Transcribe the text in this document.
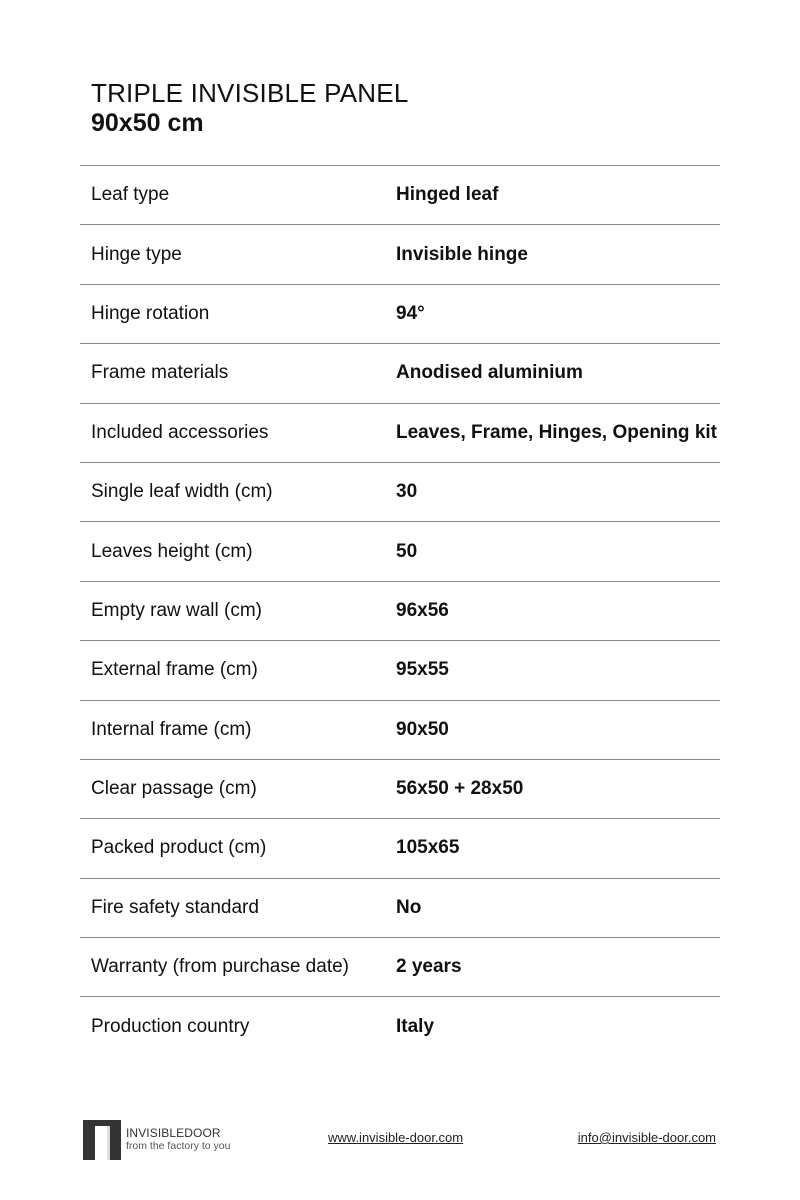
TRIPLE INVISIBLE PANEL
90x50 cm
Leaf type	Hinged leaf
Hinge type	Invisible hinge
Hinge rotation	94°
Frame materials	Anodised aluminium
Included accessories	Leaves, Frame, Hinges, Opening kit
Single leaf width (cm)	30
Leaves height (cm)	50
Empty raw wall (cm)	96x56
External frame (cm)	95x55
Internal frame (cm)	90x50
Clear passage (cm)	56x50 + 28x50
Packed product (cm)	105x65
Fire safety standard	No
Warranty (from purchase date)	2 years
Production country	Italy
INVISIBLEDOOR
from the factory to you
www.invisible-door.com	info@invisible-door.com
